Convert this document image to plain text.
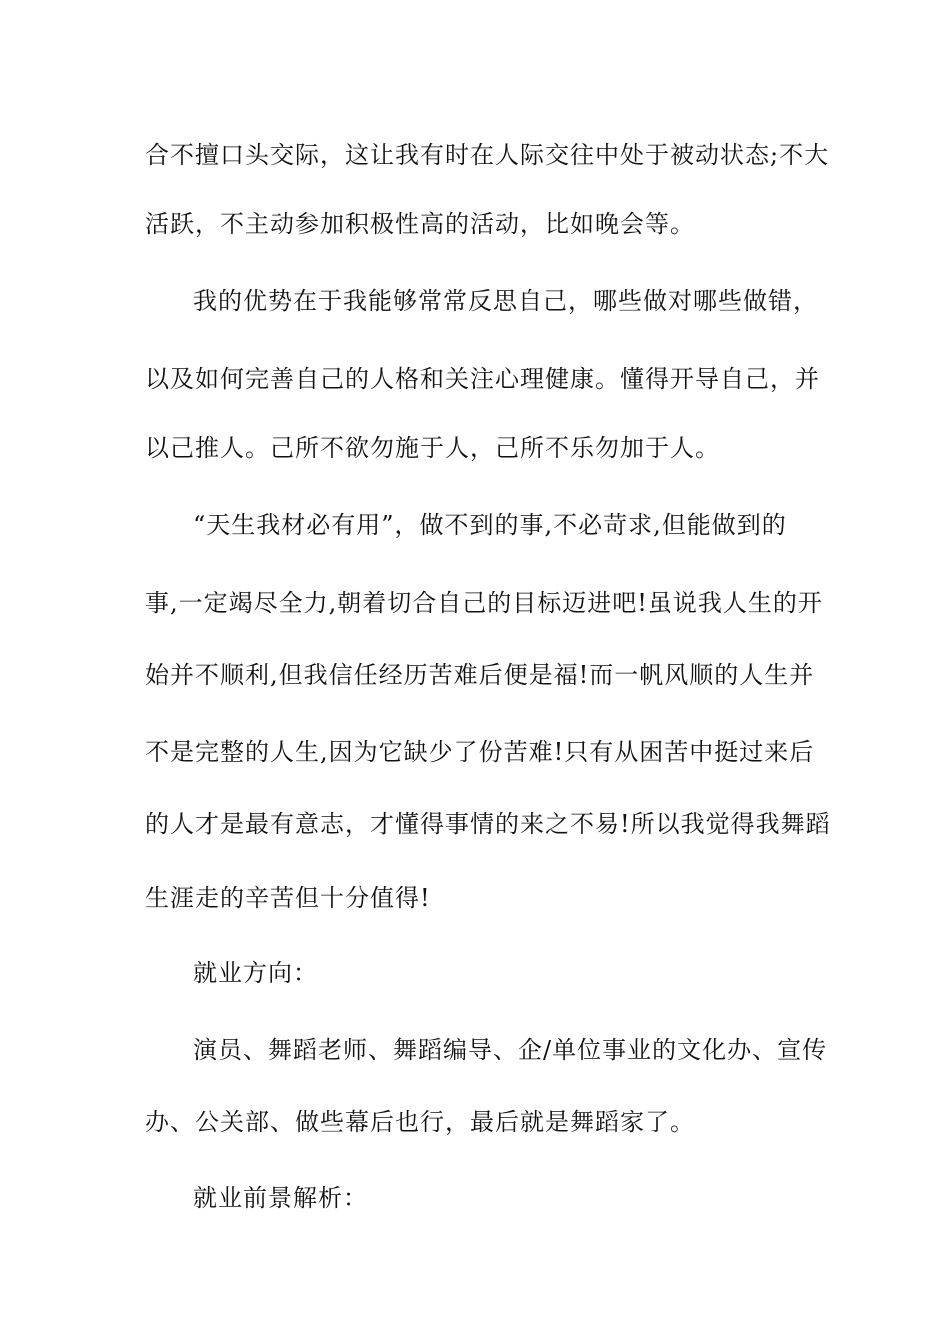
合不擅口头交际，这让我有时在人际交往中处于被动状态;不大
活跃，不主动参加积极性高的活动，比如晚会等。
我的优势在于我能够常常反思自己，哪些做对哪些做错，
以及如何完善自己的人格和关注心理健康。懂得开导自己，并
以己推人。己所不欲勿施于人，己所不乐勿加于人。
“天生我材必有用”，做不到的事,不必苛求,但能做到的
事,一定竭尽全力,朝着切合自己的目标迈进吧!虽说我人生的开
始并不顺利,但我信任经历苦难后便是福!而一帆风顺的人生并
不是完整的人生,因为它缺少了份苦难!只有从困苦中挺过来后
的人才是最有意志，才懂得事情的来之不易!所以我觉得我舞蹈
生涯走的辛苦但十分值得!
就业方向：
演员、舞蹈老师、舞蹈编导、企/单位事业的文化办、宣传
办、公关部、做些幕后也行，最后就是舞蹈家了。
就业前景解析：
